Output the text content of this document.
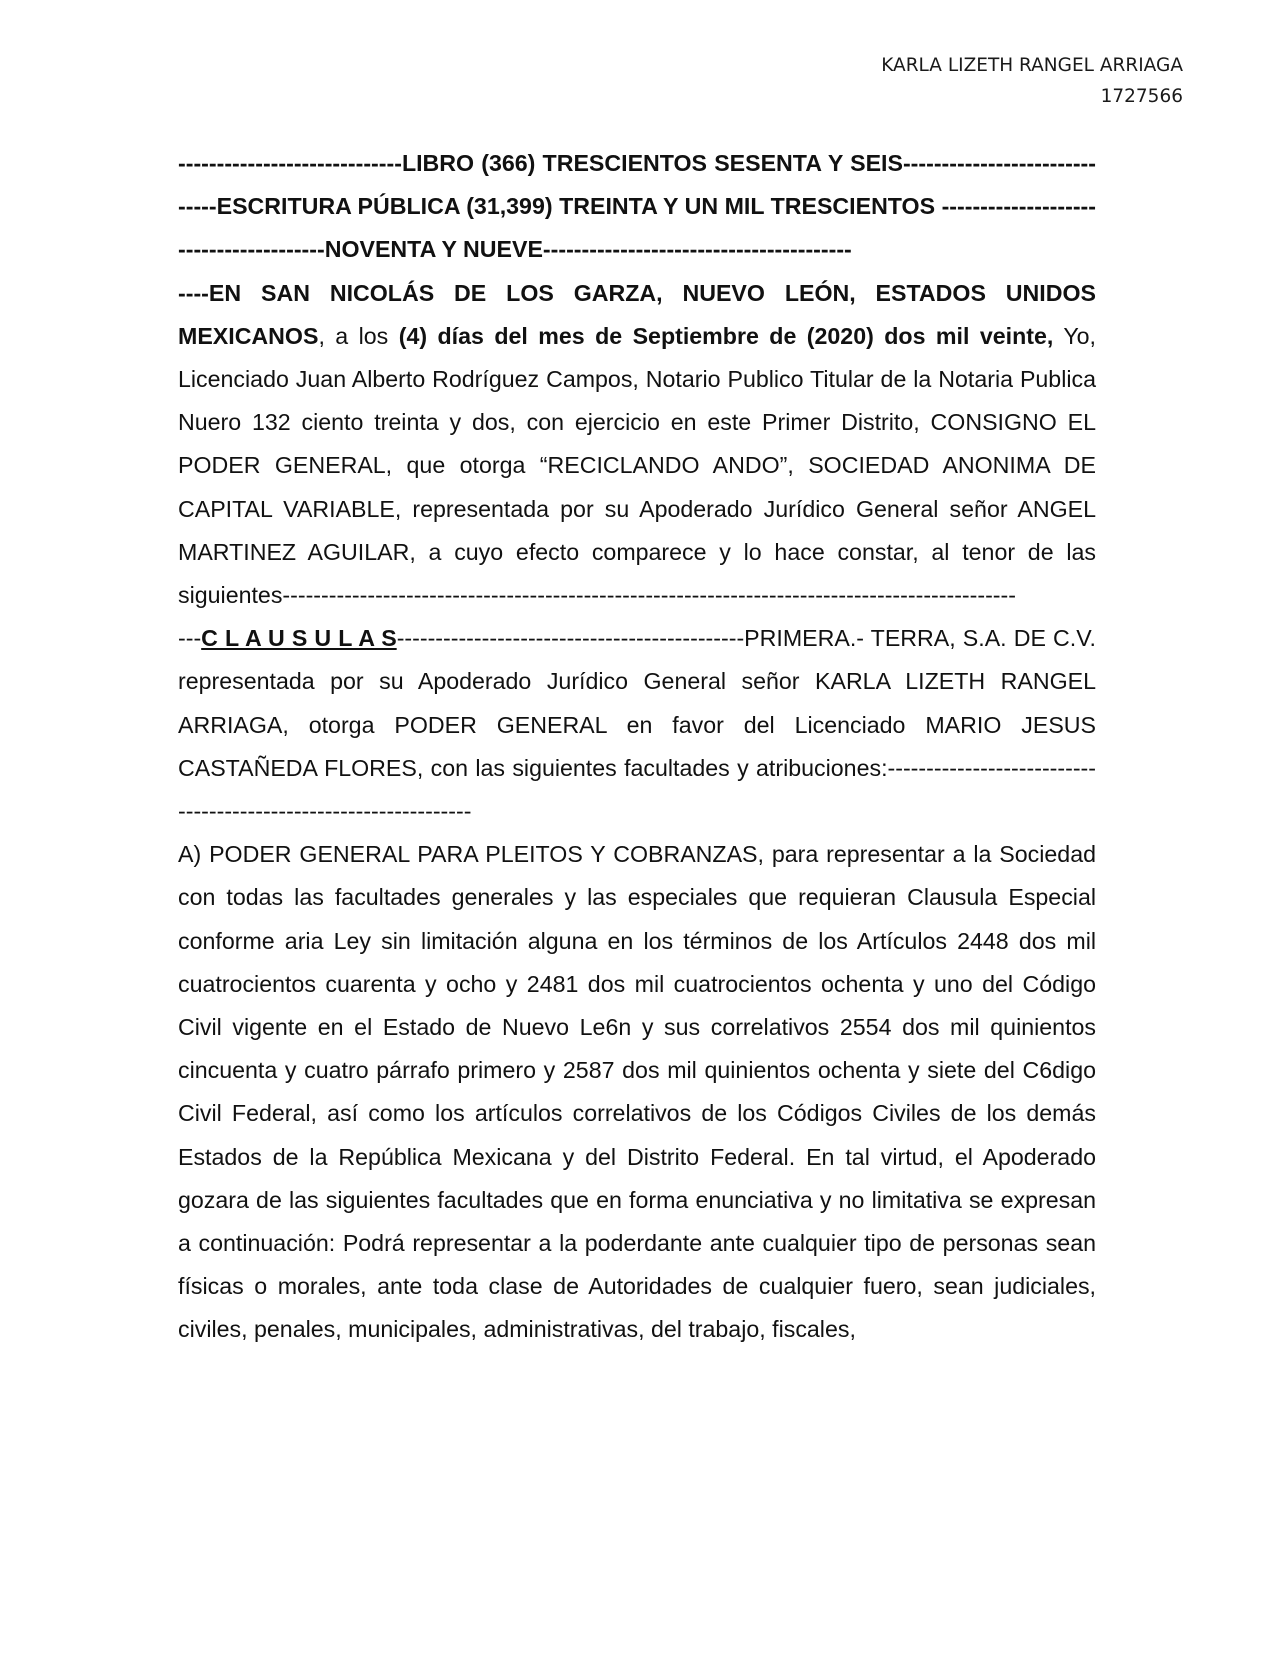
KARLA LIZETH RANGEL ARRIAGA
1727566

-----------------------------LIBRO (366) TRESCIENTOS SESENTA Y SEIS------------------------------ESCRITURA PÚBLICA (31,399) TREINTA Y UN MIL TRESCIENTOS ---------------------------------------NOVENTA Y NUEVE----------------------------------------

----EN SAN NICOLÁS DE LOS GARZA, NUEVO LEÓN, ESTADOS UNIDOS MEXICANOS, a los (4) días del mes de Septiembre de (2020) dos mil veinte, Yo, Licenciado Juan Alberto Rodríguez Campos, Notario Publico Titular de la Notaria Publica Nuero 132 ciento treinta y dos, con ejercicio en este Primer Distrito, CONSIGNO EL PODER GENERAL, que otorga “RECICLANDO ANDO”, SOCIEDAD ANONIMA DE CAPITAL VARIABLE, representada por su Apoderado Jurídico General señor ANGEL MARTINEZ AGUILAR, a cuyo efecto comparece y lo hace constar, al tenor de las siguientes-----------------------------------------------------------------------------------------------

---C L A U S U L A S---------------------------------------------PRIMERA.- TERRA, S.A. DE C.V. representada por su Apoderado Jurídico General señor KARLA LIZETH RANGEL ARRIAGA, otorga PODER GENERAL en favor del Licenciado MARIO JESUS CASTAÑEDA FLORES, con las siguientes facultades y atribuciones:-----------------------------------------------------------------

A) PODER GENERAL PARA PLEITOS Y COBRANZAS, para representar a la Sociedad con todas las facultades generales y las especiales que requieran Clausula Especial conforme aria Ley sin limitación alguna en los términos de los Artículos 2448 dos mil cuatrocientos cuarenta y ocho y 2481 dos mil cuatrocientos ochenta y uno del Código Civil vigente en el Estado de Nuevo Le6n y sus correlativos 2554 dos mil quinientos cincuenta y cuatro párrafo primero y 2587 dos mil quinientos ochenta y siete del C6digo Civil Federal, así como los artículos correlativos de los Códigos Civiles de los demás Estados de la República Mexicana y del Distrito Federal. En tal virtud, el Apoderado gozara de las siguientes facultades que en forma enunciativa y no limitativa se expresan a continuación: Podrá representar a la poderdante ante cualquier tipo de personas sean físicas o morales, ante toda clase de Autoridades de cualquier fuero, sean judiciales, civiles, penales, municipales, administrativas, del trabajo, fiscales,
